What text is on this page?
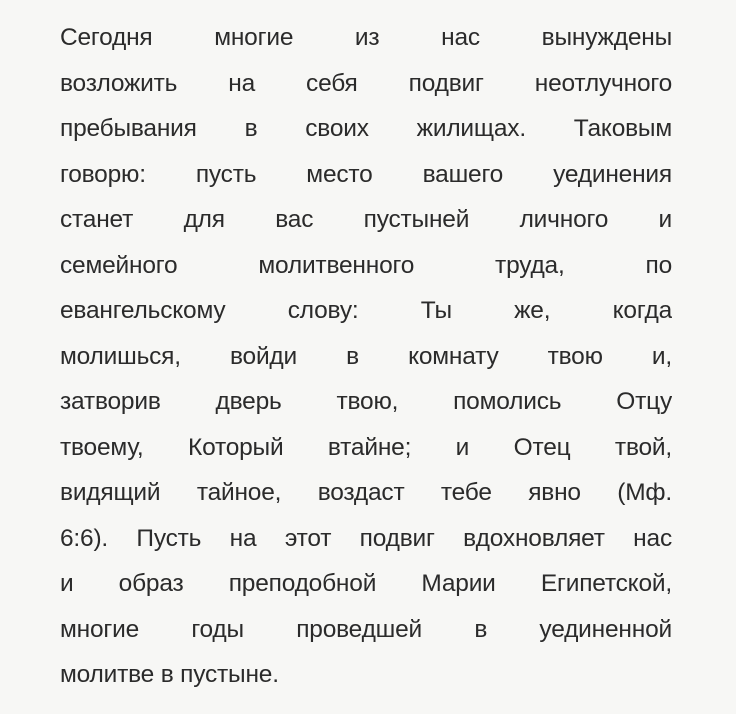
Сегодня многие из нас вынуждены
возложить на себя подвиг неотлучного
пребывания в своих жилищах. Таковым
говорю: пусть место вашего уединения
станет для вас пустыней личного и
семейного молитвенного труда, по
евангельскому слову: Ты же, когда
молишься, войди в комнату твою и,
затворив дверь твою, помолись Отцу
твоему, Который втайне; и Отец твой,
видящий тайное, воздаст тебе явно (Мф.
6:6). Пусть на этот подвиг вдохновляет нас
и образ преподобной Марии Египетской,
многие годы проведшей в уединенной
молитве в пустыне.
